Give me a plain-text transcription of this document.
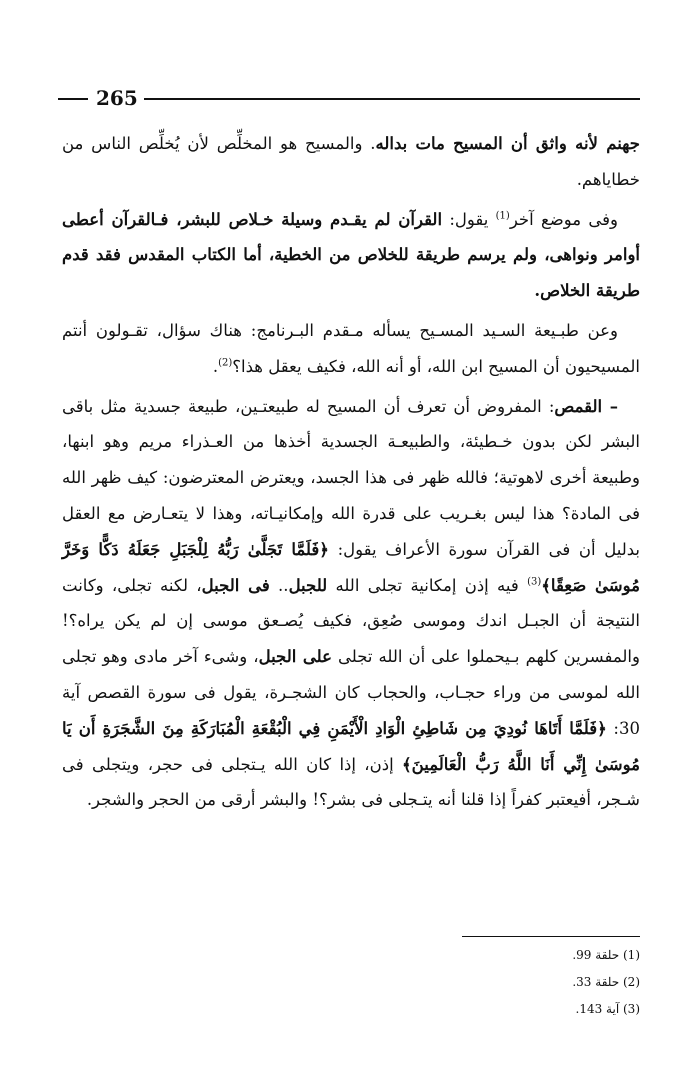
265

جهنم لأنه واثق أن المسيح مات بداله. والمسيح هو المخلِّص لأن يُخلِّص الناس من خطاياهم.

وفى موضع آخر$^{(1)}$ يقول: القرآن لم يقـدم وسيلة خـلاص للبشر، فـالقرآن أعطى أوامر ونواهى، ولم يرسم طريقة للخلاص من الخطية، أما الكتاب المقدس فقد قدم طريقة الخلاص.

وعن طبـيعة السـيد المسـيح يسأله مـقدم البـرنامج: هناك سؤال، تقـولون أنتم المسيحيون أن المسيح ابن الله، أو أنه الله، فكيف يعقل هذا؟$^{(2)}$.

– القمص: المفروض أن تعرف أن المسيح له طبيعتـين، طبيعة جسدية مثل باقى البشر لكن بدون خـطيئة، والطبيعـة الجسدية أخذها من العـذراء مريم وهو ابنها، وطبيعة أخرى لاهوتية؛ فالله ظهر فى هذا الجسد، ويعترض المعترضون: كيف ظهر الله فى المادة؟ هذا ليس بغـريب على قدرة الله وإمكانيـاته، وهذا لا يتعـارض مع العقل بدليل أن فى القرآن سورة الأعراف يقول: ﴿فَلَمَّا تَجَلَّىٰ رَبُّهُ لِلْجَبَلِ جَعَلَهُ دَكًّا وَخَرَّ مُوسَىٰ صَعِقًا﴾$^{(3)}$ فيه إذن إمكانية تجلى الله للجبل.. فى الجبل، لكنه تجلى، وكانت النتيجة أن الجبـل اندك وموسى صُعِق، فكيف يُصـعق موسى إن لم يكن يراه؟! والمفسرين كلهم بـيحملوا على أن الله تجلى على الجبل، وشىء آخر مادى وهو تجلى الله لموسى من وراء حجـاب، والحجاب كان الشجـرة، يقول فى سورة القصص آية 30: ﴿فَلَمَّا أَتَاهَا نُودِيَ مِن شَاطِئِ الْوَادِ الْأَيْمَنِ فِي الْبُقْعَةِ الْمُبَارَكَةِ مِنَ الشَّجَرَةِ أَن يَا مُوسَىٰ إِنِّي أَنَا اللَّهُ رَبُّ الْعَالَمِينَ﴾ إذن، إذا كان الله يـتجلى فى حجر، ويتجلى فى شـجر، أفيعتبر كفراً إذا قلنا أنه يتـجلى فى بشر؟! والبشر أرقى من الحجر والشجر.

(1) حلقة 99.
(2) حلقة 33.
(3) آية 143.
